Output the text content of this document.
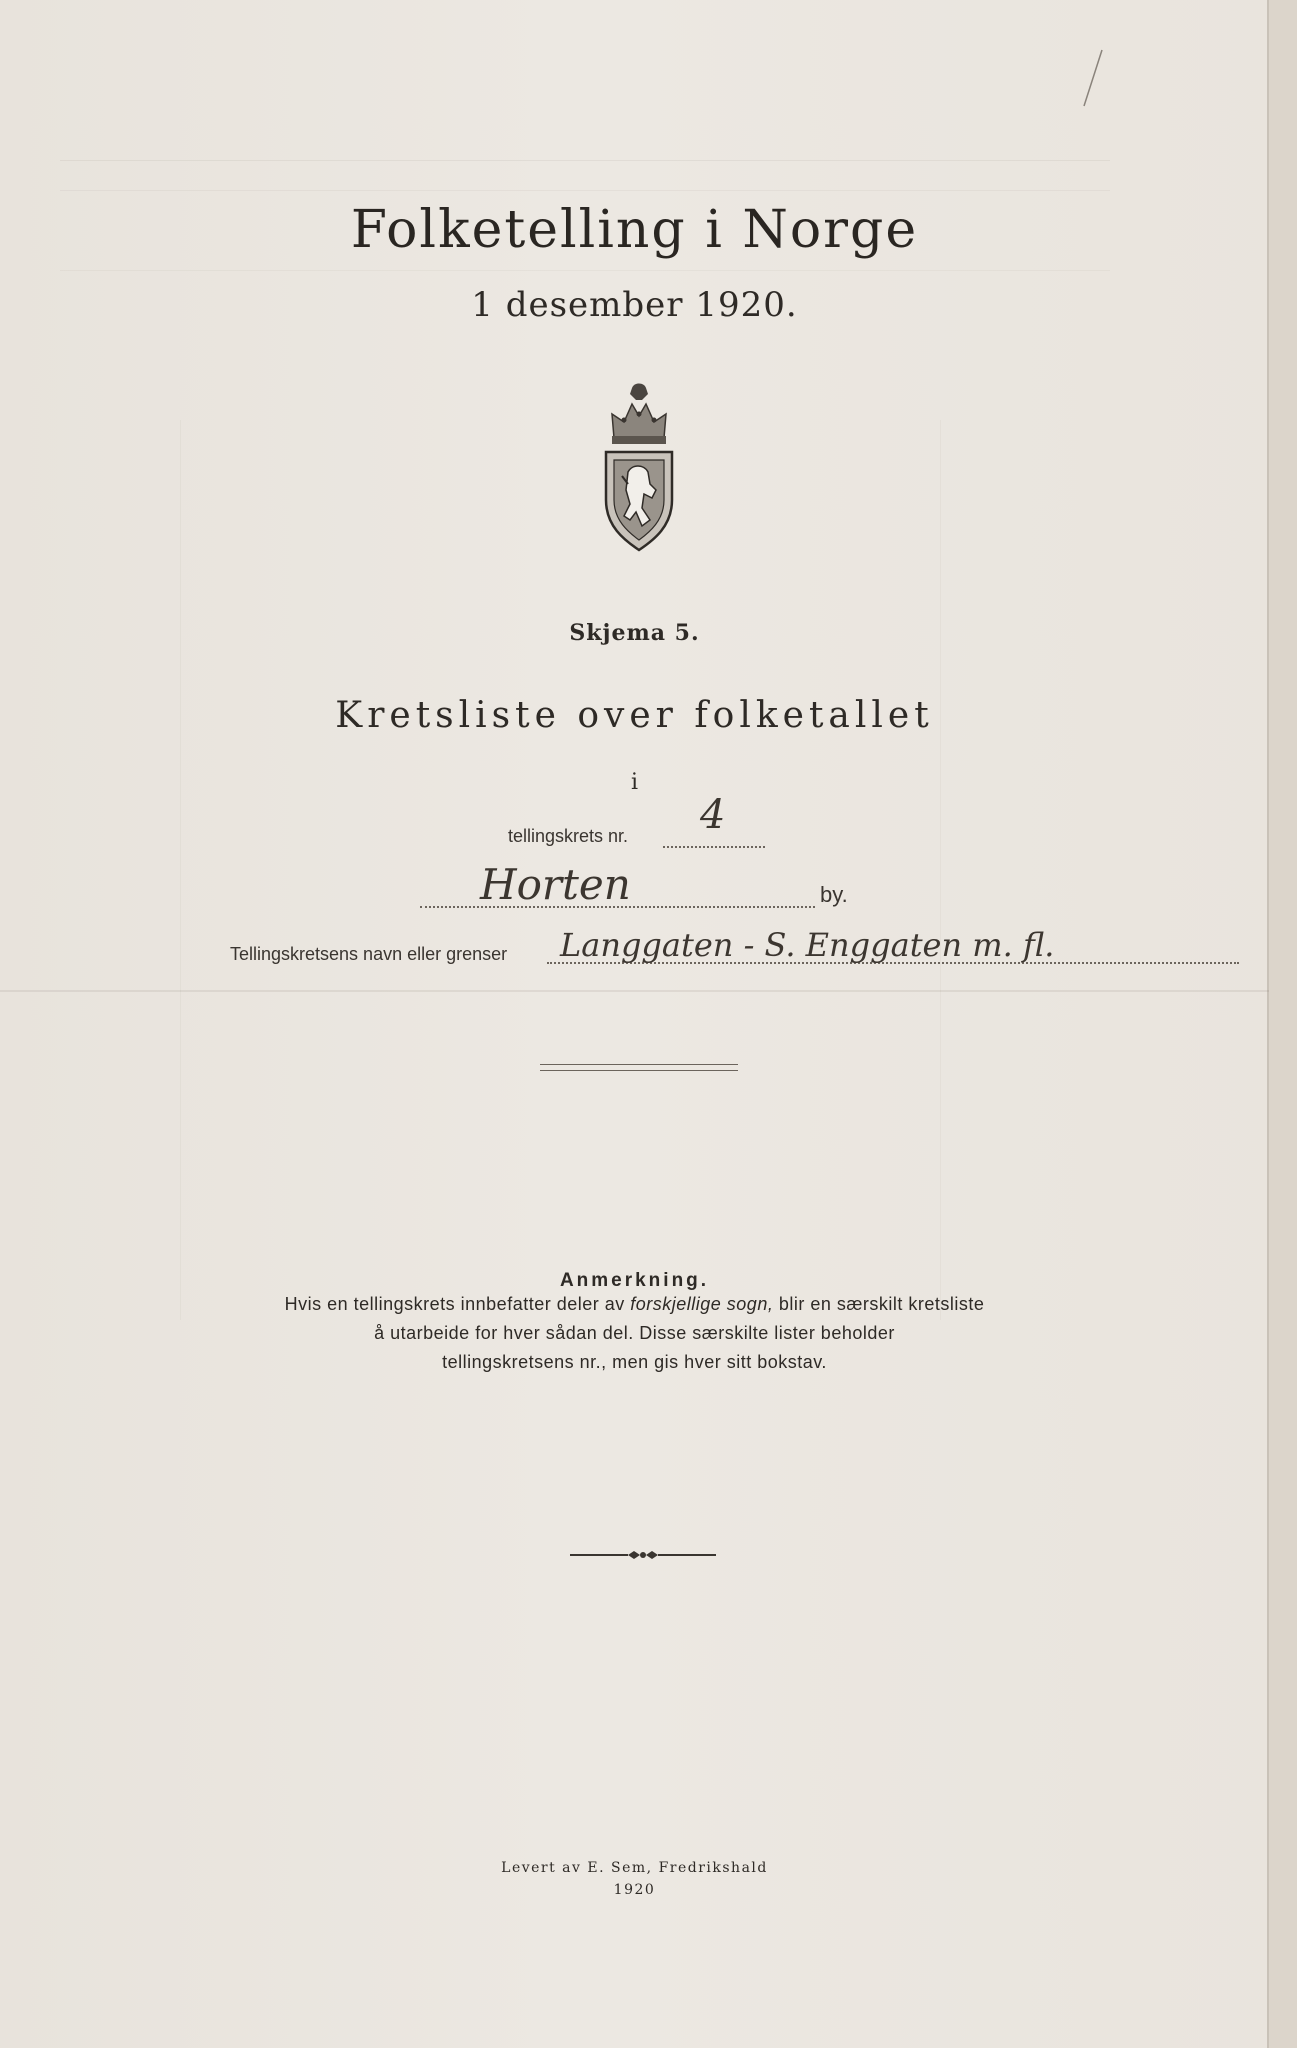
Folketelling i Norge
1 desember 1920.
Skjema 5.
Kretsliste over folketallet
i
tellingskrets nr. 4
Horten	by.
Tellingskretsens navn eller grenser Langgaten - S. Enggaten m. fl.
Anmerkning.
Hvis en tellingskrets innbefatter deler av forskjellige sogn, blir en særskilt kretsliste
å utarbeide for hver sådan del. Disse særskilte lister beholder
tellingskretsens nr., men gis hver sitt bokstav.
Levert av E. Sem, Fredrikshald
1920
